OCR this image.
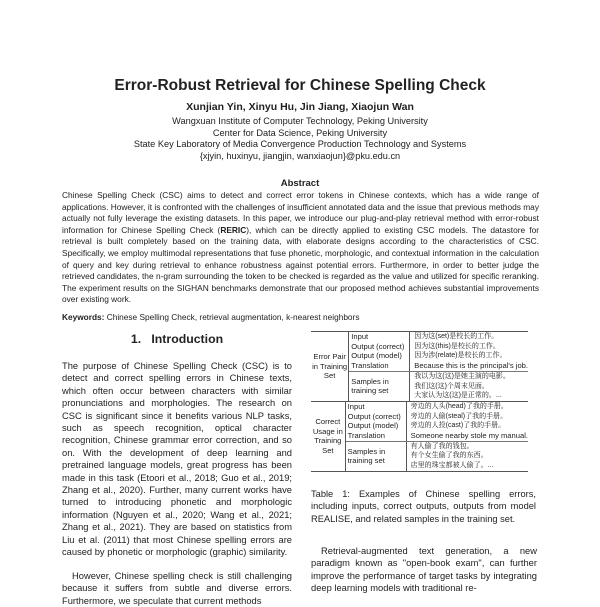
Error-Robust Retrieval for Chinese Spelling Check
Xunjian Yin, Xinyu Hu, Jin Jiang, Xiaojun Wan
Wangxuan Institute of Computer Technology, Peking University
Center for Data Science, Peking University
State Key Laboratory of Media Convergence Production Technology and Systems
{xjyin, huxinyu, jiangjin, wanxiaojun}@pku.edu.cn
Abstract
Chinese Spelling Check (CSC) aims to detect and correct error tokens in Chinese contexts, which has a wide range of applications. However, it is confronted with the challenges of insufficient annotated data and the issue that previous methods may actually not fully leverage the existing datasets. In this paper, we introduce our plug-and-play retrieval method with error-robust information for Chinese Spelling Check (RERIC), which can be directly applied to existing CSC models. The datastore for retrieval is built completely based on the training data, with elaborate designs according to the characteristics of CSC. Specifically, we employ multimodal representations that fuse phonetic, morphologic, and contextual information in the calculation of query and key during retrieval to enhance robustness against potential errors. Furthermore, in order to better judge the retrieved candidates, the n-gram surrounding the token to be checked is regarded as the value and utilized for specific reranking. The experiment results on the SIGHAN benchmarks demonstrate that our proposed method achieves substantial improvements over existing work.
Keywords: Chinese Spelling Check, retrieval augmentation, k-nearest neighbors
1.   Introduction
The purpose of Chinese Spelling Check (CSC) is to detect and correct spelling errors in Chinese texts, which often occur between characters with similar pronunciations and morphologies. The research on CSC is significant since it benefits various NLP tasks, such as speech recognition, optical character recognition, Chinese grammar error correction, and so on. With the development of deep learning and pretrained language models, great progress has been made in this task (Etoori et al., 2018; Guo et al., 2019; Zhang et al., 2020). Further, many current works have turned to introducing phonetic and morphologic information (Nguyen et al., 2020; Wang et al., 2021; Zhang et al., 2021). They are based on statistics from Liu et al. (2011) that most Chinese spelling errors are caused by phonetic or morphologic (graphic) similarity.
However, Chinese spelling check is still challenging because it suffers from subtle and diverse errors. Furthermore, we speculate that current methods
Error Pair in Training Set
Input
Output (correct)
Output (model)
Translation
因为这(set)是校长的工作。
因为这(this)是校长的工作。
因为涉(relate)是校长的工作。
Because this is the principal's job.
Samples in training set
我以为这(这)是她主演的电影。
我们这(这)个周末见面。
大家认为这(这)是正常的。...
Correct Usage in Training Set
Input
Output (correct)
Output (model)
Translation
旁边的人头(head)了我的手册。
旁边的人偷(steal)了我的手册。
旁边的人投(cast)了我的手册。
Someone nearby stole my manual.
Samples in training set
有人偷了我的钱包。
有个女生偷了我的东西。
店里的珠宝都被人偷了。...
Table 1: Examples of Chinese spelling errors, including inputs, correct outputs, outputs from model REALISE, and related samples in the training set.
Retrieval-augmented text generation, a new paradigm known as "open-book exam", can further improve the performance of target tasks by integrating deep learning models with traditional re-
